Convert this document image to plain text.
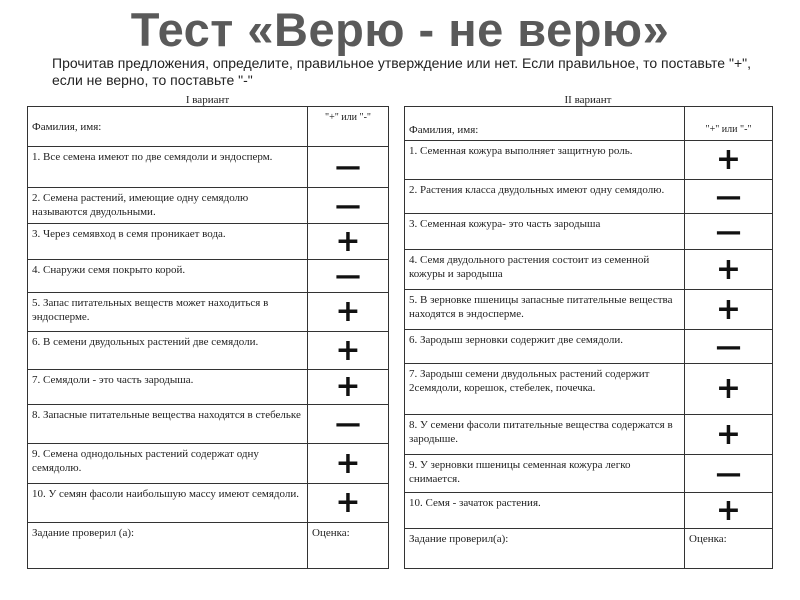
Тест «Верю - не верю»
Прочитав предложения, определите, правильное утверждение или нет. Если правильное, то поставьте "+", если не верно, то поставьте "-"
I вариант	II вариант
Фамилия, имя:	"+" или "-"
1. Все семена имеют по две семядоли и эндосперм.	—
2. Семена растений, имеющие одну семядолю называются двудольными.	—
3. Через семявход в семя проникает вода.	+
4. Снаружи семя покрыто корой.	—
5. Запас питательных веществ может находиться в эндосперме.	+
6. В семени двудольных растений две семядоли.	+
7. Семядоли - это часть зародыша.	+
8. Запасные питательные вещества находятся в стебельке	—
9. Семена однодольных растений содержат одну семядолю.	+
10. У семян фасоли наибольшую массу имеют семядоли.	+
Задание проверил (а):	Оценка:
Фамилия, имя:	"+" или "-"
1. Семенная кожура выполняет защитную роль.	+
2. Растения класса двудольных имеют одну семядолю.	—
3. Семенная кожура- это часть зародыша	—
4. Семя двудольного растения состоит из семенной кожуры и зародыша	+
5. В зерновке пшеницы запасные питательные вещества находятся в эндосперме.	+
6. Зародыш зерновки содержит две семядоли.	—
7. Зародыш семени двудольных растений содержит 2семядоли, корешок, стебелек, почечка.	+
8. У семени фасоли питательные вещества содержатся в зародыше.	+
9. У зерновки пшеницы семенная кожура легко снимается.	—
10. Семя - зачаток растения.	+
Задание проверил(а):	Оценка:
